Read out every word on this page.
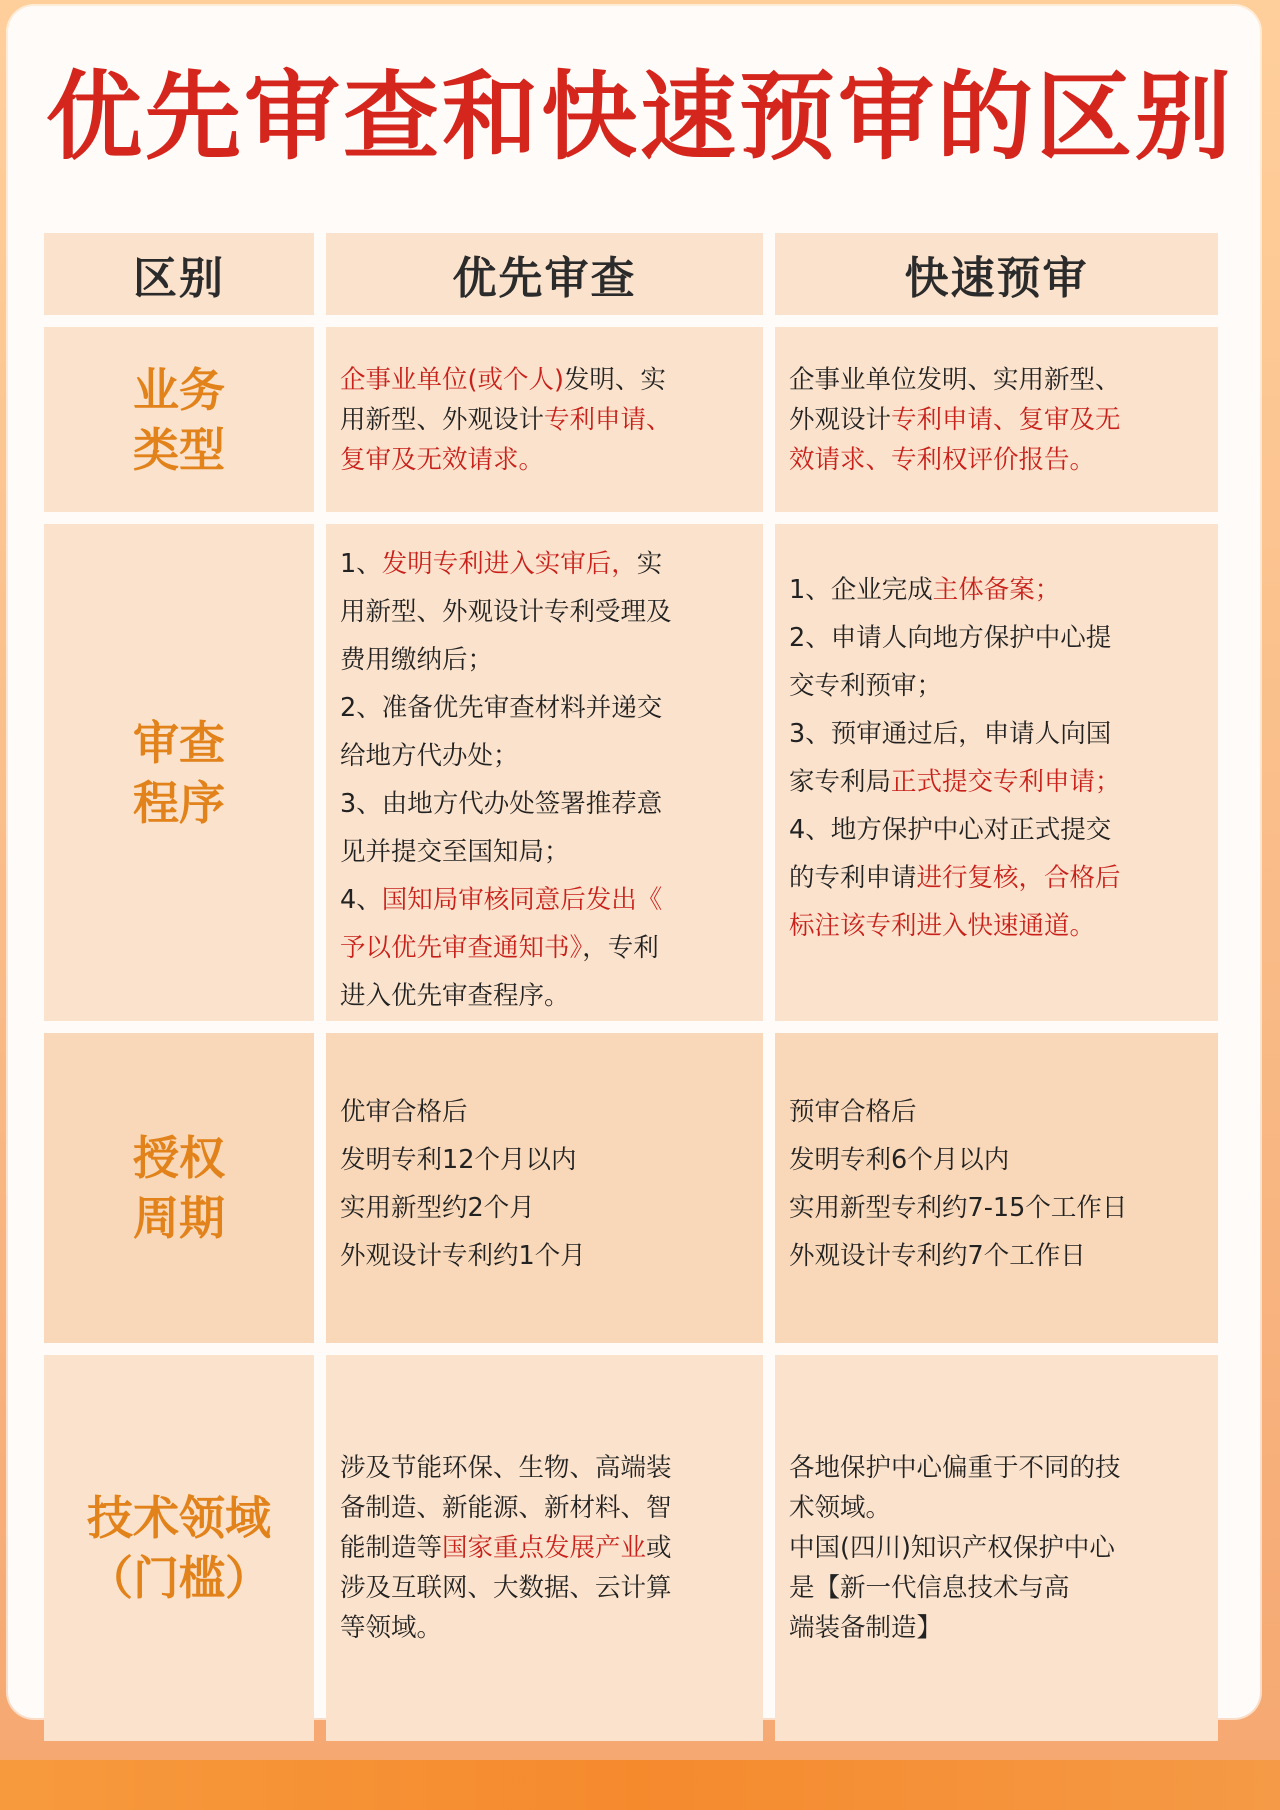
优先审查和快速预审的区别
区别	优先审查	快速预审
业务
类型
企事业单位(或个人)发明、实
用新型、外观设计专利申请、
复审及无效请求。
企事业单位发明、实用新型、
外观设计专利申请、复审及无
效请求、专利权评价报告。
审查
程序
1、发明专利进入实审后，实
用新型、外观设计专利受理及
费用缴纳后；
2、准备优先审查材料并递交
给地方代办处；
3、由地方代办处签署推荐意
见并提交至国知局；
4、国知局审核同意后发出《
予以优先审查通知书》，专利
进入优先审查程序。
1、企业完成主体备案；
2、申请人向地方保护中心提
交专利预审；
3、预审通过后，申请人向国
家专利局正式提交专利申请；
4、地方保护中心对正式提交
的专利申请进行复核，合格后
标注该专利进入快速通道。
授权
周期
优审合格后
发明专利12个月以内
实用新型约2个月
外观设计专利约1个月
预审合格后
发明专利6个月以内
实用新型专利约7-15个工作日
外观设计专利约7个工作日
技术领域
（门槛）
涉及节能环保、生物、高端装
备制造、新能源、新材料、智
能制造等国家重点发展产业或
涉及互联网、大数据、云计算
等领域。
各地保护中心偏重于不同的技
术领域。
中国(四川)知识产权保护中心
是【新一代信息技术与高
端装备制造】
